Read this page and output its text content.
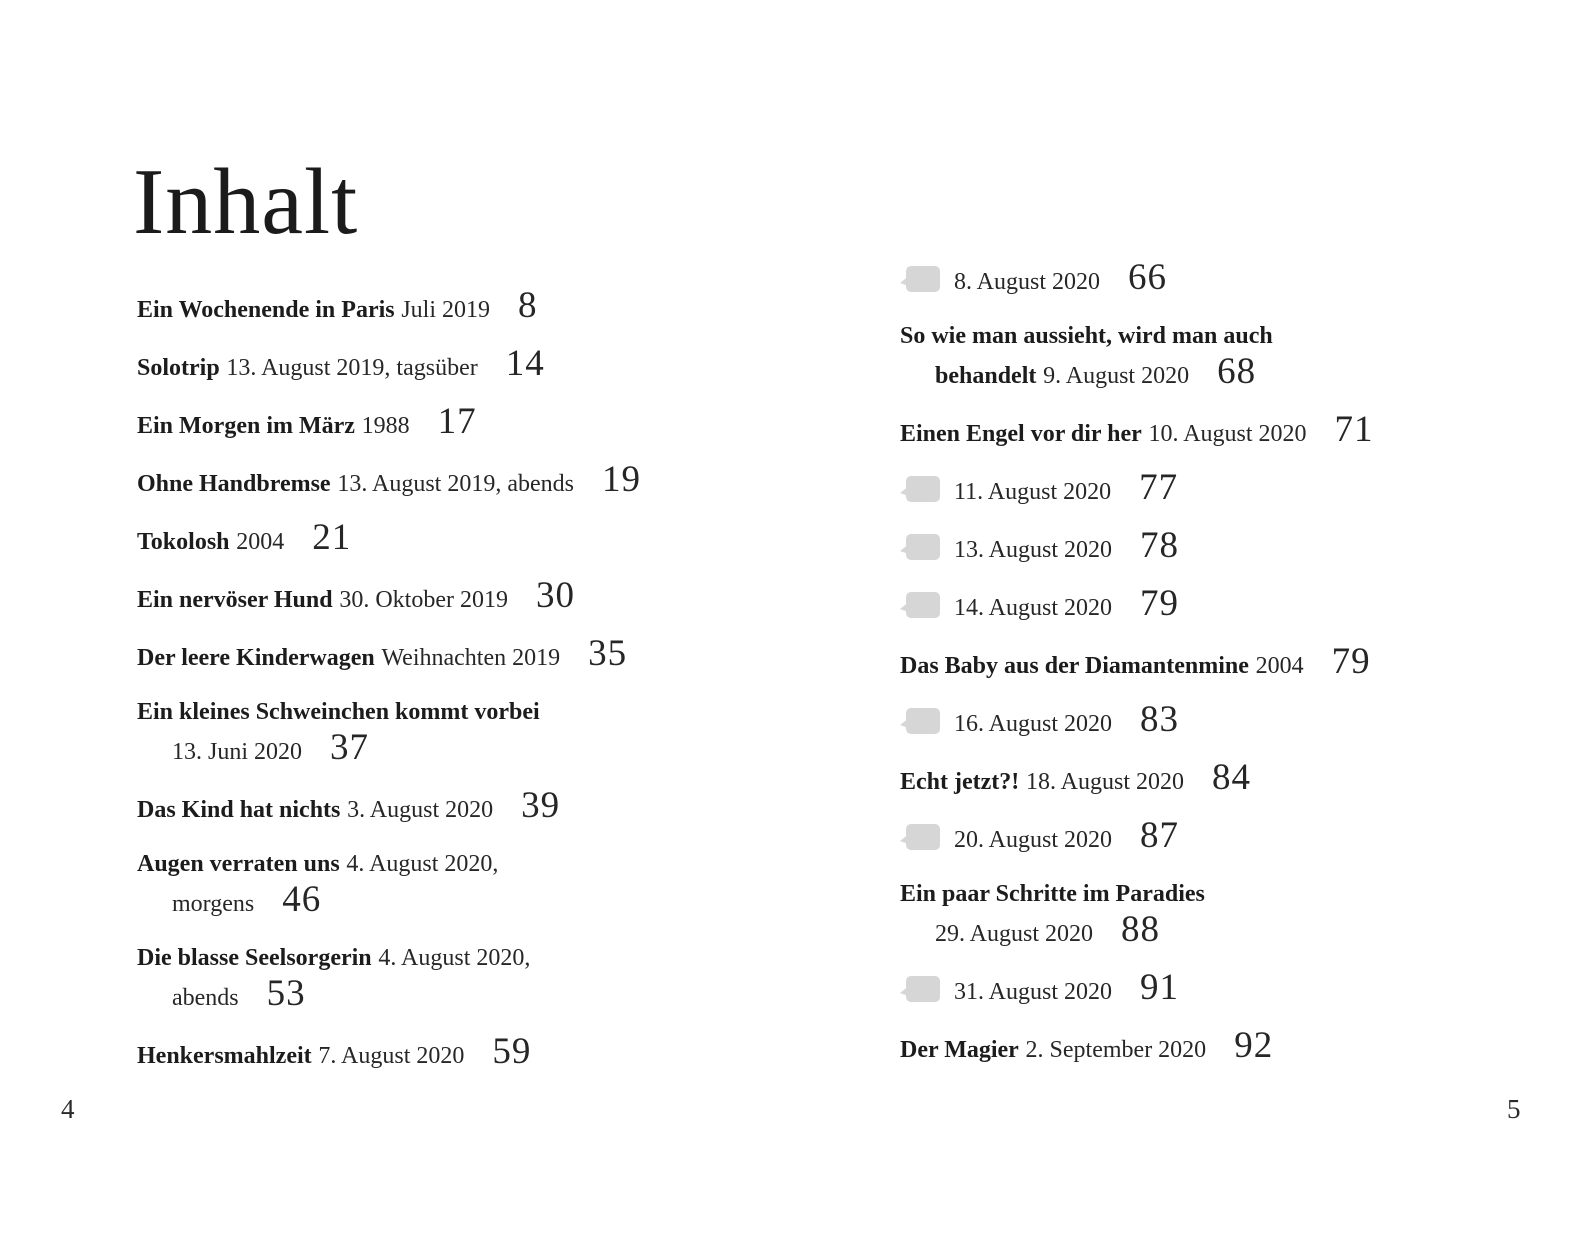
Inhalt
Ein Wochenende in Paris Juli 2019 8
Solotrip 13. August 2019, tagsüber 14
Ein Morgen im März 1988 17
Ohne Handbremse 13. August 2019, abends 19
Tokolosh 2004 21
Ein nervöser Hund 30. Oktober 2019 30
Der leere Kinderwagen Weihnachten 2019 35
Ein kleines Schweinchen kommt vorbei
13. Juni 2020 37
Das Kind hat nichts 3. August 2020 39
Augen verraten uns 4. August 2020,
morgens 46
Die blasse Seelsorgerin 4. August 2020,
abends 53
Henkersmahlzeit 7. August 2020 59
8. August 2020 66
So wie man aussieht, wird man auch
behandelt 9. August 2020 68
Einen Engel vor dir her 10. August 2020 71
11. August 2020 77
13. August 2020 78
14. August 2020 79
Das Baby aus der Diamantenmine 2004 79
16. August 2020 83
Echt jetzt?! 18. August 2020 84
20. August 2020 87
Ein paar Schritte im Paradies
29. August 2020 88
31. August 2020 91
Der Magier 2. September 2020 92
4	5
